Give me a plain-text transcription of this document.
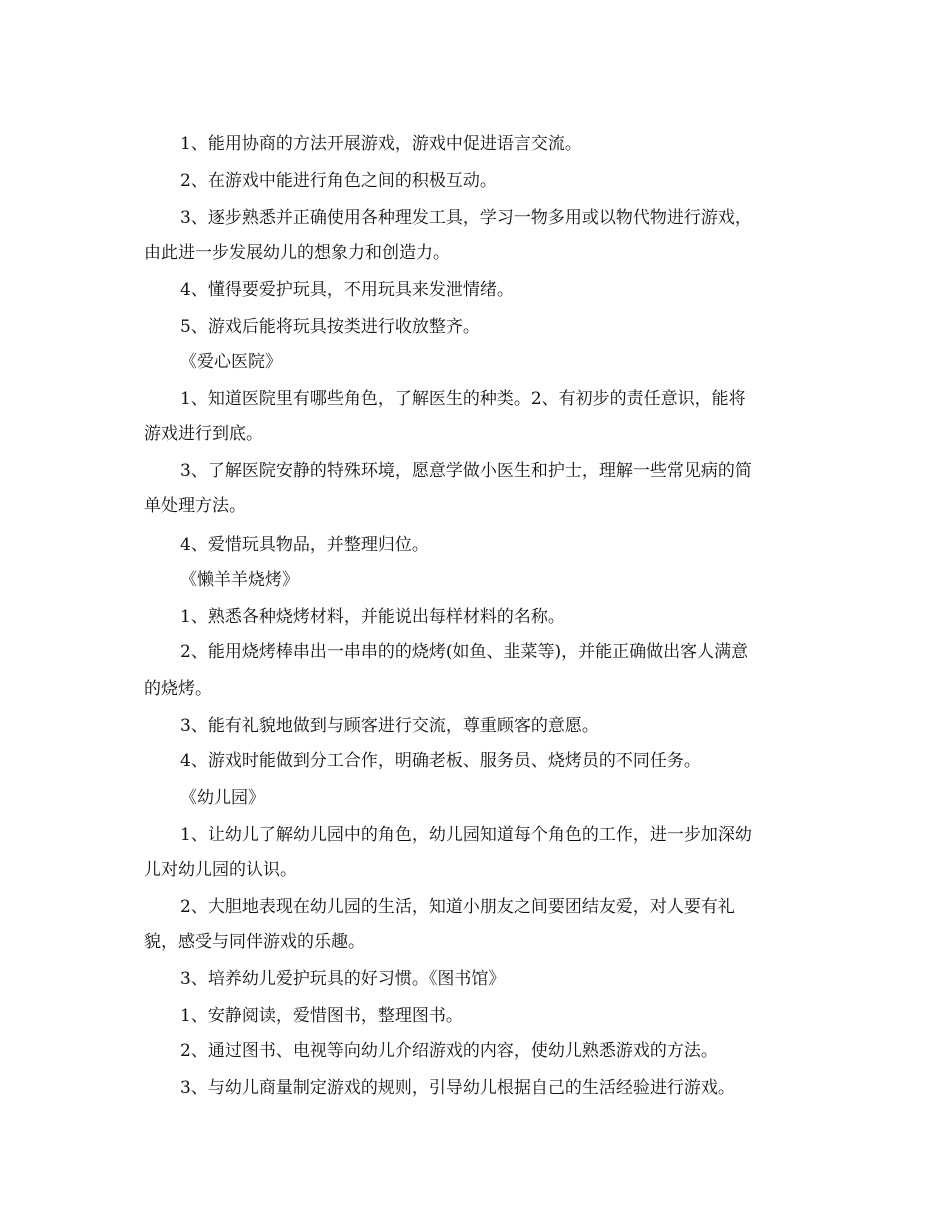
1、能用协商的方法开展游戏，游戏中促进语言交流。
2、在游戏中能进行角色之间的积极互动。
3、逐步熟悉并正确使用各种理发工具，学习一物多用或以物代物进行游戏，
由此进一步发展幼儿的想象力和创造力。
4、懂得要爱护玩具，不用玩具来发泄情绪。
5、游戏后能将玩具按类进行收放整齐。
《爱心医院》
1、知道医院里有哪些角色，了解医生的种类。2、有初步的责任意识，能将
游戏进行到底。
3、了解医院安静的特殊环境，愿意学做小医生和护士，理解一些常见病的简
单处理方法。
4、爱惜玩具物品，并整理归位。
《懒羊羊烧烤》
1、熟悉各种烧烤材料，并能说出每样材料的名称。
2、能用烧烤棒串出一串串的的烧烤(如鱼、韭菜等)，并能正确做出客人满意
的烧烤。
3、能有礼貌地做到与顾客进行交流，尊重顾客的意愿。
4、游戏时能做到分工合作，明确老板、服务员、烧烤员的不同任务。
《幼儿园》
1、让幼儿了解幼儿园中的角色，幼儿园知道每个角色的工作，进一步加深幼
儿对幼儿园的认识。
2、大胆地表现在幼儿园的生活，知道小朋友之间要团结友爱，对人要有礼
貌，感受与同伴游戏的乐趣。
3、培养幼儿爱护玩具的好习惯。《图书馆》
1、安静阅读，爱惜图书，整理图书。
2、通过图书、电视等向幼儿介绍游戏的内容，使幼儿熟悉游戏的方法。
3、与幼儿商量制定游戏的规则，引导幼儿根据自己的生活经验进行游戏。
